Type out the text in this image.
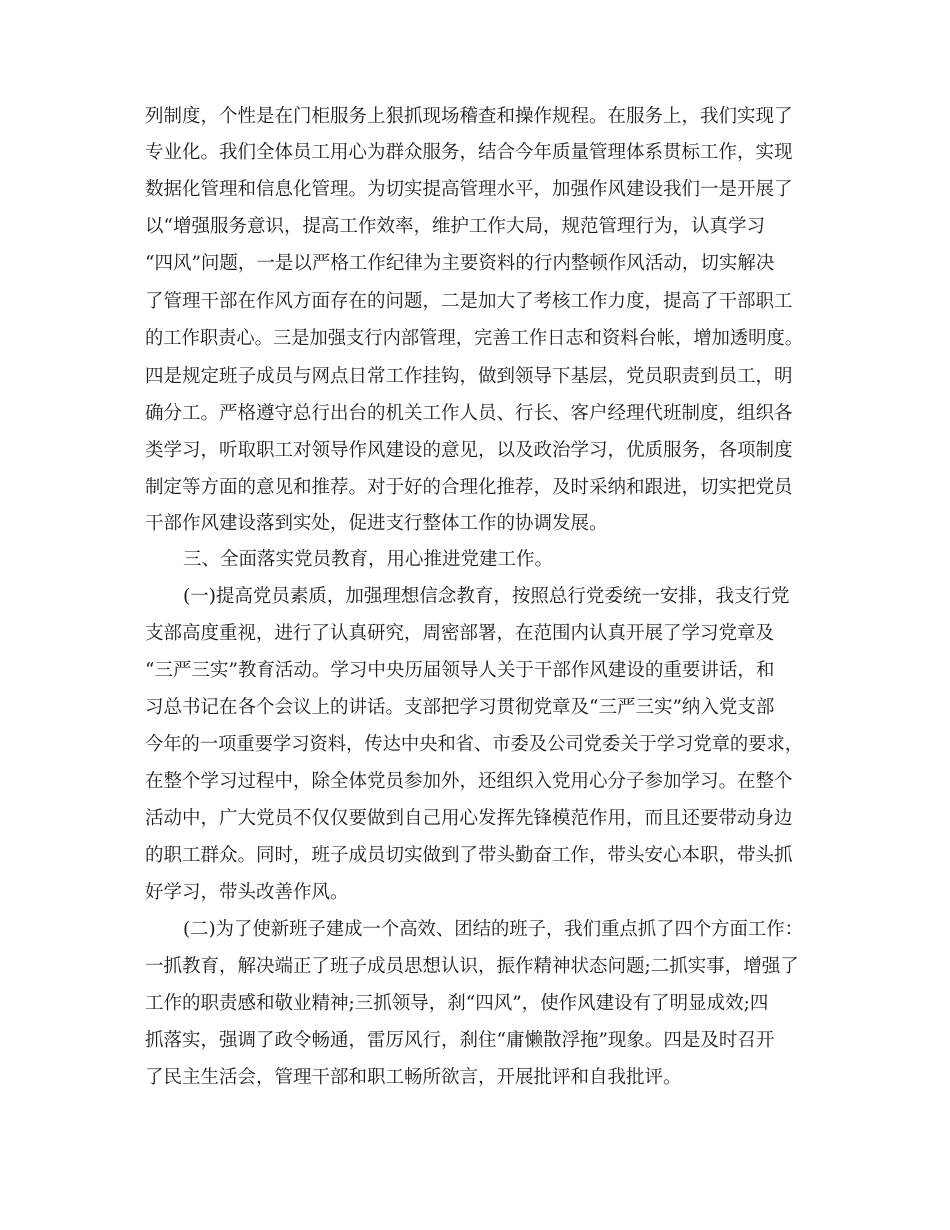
列制度，个性是在门柜服务上狠抓现场稽查和操作规程。在服务上，我们实现了
专业化。我们全体员工用心为群众服务，结合今年质量管理体系贯标工作，实现
数据化管理和信息化管理。为切实提高管理水平，加强作风建设我们一是开展了
以“增强服务意识，提高工作效率，维护工作大局，规范管理行为，认真学习
“四风”问题，一是以严格工作纪律为主要资料的行内整顿作风活动，切实解决
了管理干部在作风方面存在的问题，二是加大了考核工作力度，提高了干部职工
的工作职责心。三是加强支行内部管理，完善工作日志和资料台帐，增加透明度。
四是规定班子成员与网点日常工作挂钩，做到领导下基层，党员职责到员工，明
确分工。严格遵守总行出台的机关工作人员、行长、客户经理代班制度，组织各
类学习，听取职工对领导作风建设的意见，以及政治学习，优质服务，各项制度
制定等方面的意见和推荐。对于好的合理化推荐，及时采纳和跟进，切实把党员
干部作风建设落到实处，促进支行整体工作的协调发展。
三、全面落实党员教育，用心推进党建工作。
(一)提高党员素质，加强理想信念教育，按照总行党委统一安排，我支行党
支部高度重视，进行了认真研究，周密部署，在范围内认真开展了学习党章及
“三严三实”教育活动。学习中央历届领导人关于干部作风建设的重要讲话，和
习总书记在各个会议上的讲话。支部把学习贯彻党章及“三严三实”纳入党支部
今年的一项重要学习资料，传达中央和省、市委及公司党委关于学习党章的要求，
在整个学习过程中，除全体党员参加外，还组织入党用心分子参加学习。在整个
活动中，广大党员不仅仅要做到自己用心发挥先锋模范作用，而且还要带动身边
的职工群众。同时，班子成员切实做到了带头勤奋工作，带头安心本职，带头抓
好学习，带头改善作风。
(二)为了使新班子建成一个高效、团结的班子，我们重点抓了四个方面工作：
一抓教育，解决端正了班子成员思想认识，振作精神状态问题;二抓实事，增强了
工作的职责感和敬业精神;三抓领导，刹“四风”，使作风建设有了明显成效;四
抓落实，强调了政令畅通，雷厉风行，刹住“庸懒散浮拖”现象。四是及时召开
了民主生活会，管理干部和职工畅所欲言，开展批评和自我批评。
